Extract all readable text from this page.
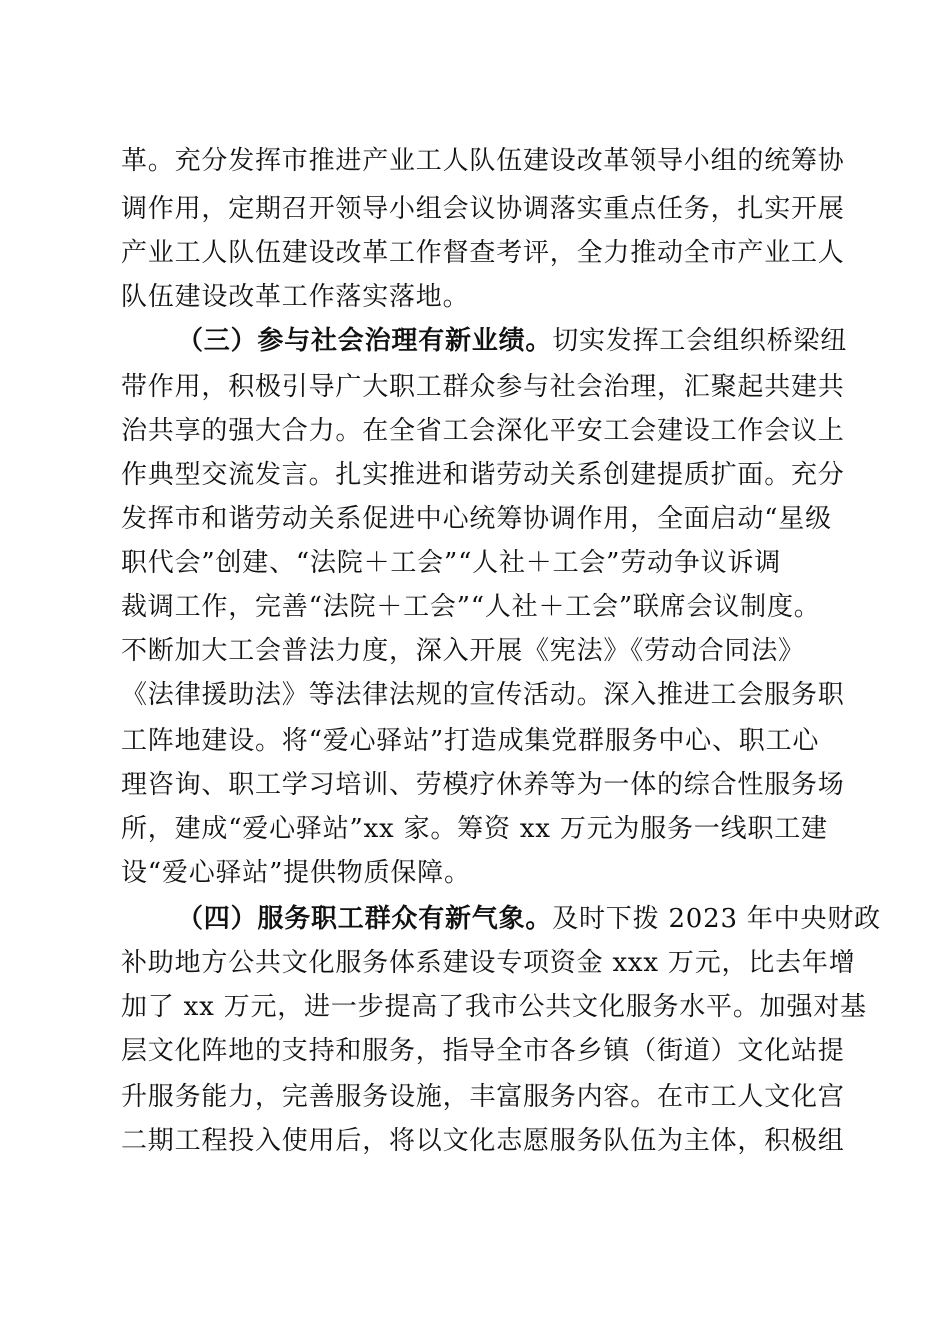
革。充分发挥市推进产业工人队伍建设改革领导小组的统筹协
调作用，定期召开领导小组会议协调落实重点任务，扎实开展
产业工人队伍建设改革工作督查考评，全力推动全市产业工人
队伍建设改革工作落实落地。
（三）参与社会治理有新业绩。切实发挥工会组织桥梁纽
带作用，积极引导广大职工群众参与社会治理，汇聚起共建共
治共享的强大合力。在全省工会深化平安工会建设工作会议上
作典型交流发言。扎实推进和谐劳动关系创建提质扩面。充分
发挥市和谐劳动关系促进中心统筹协调作用，全面启动“星级
职代会”创建、“法院＋工会”“人社＋工会”劳动争议诉调
裁调工作，完善“法院＋工会”“人社＋工会”联席会议制度。
不断加大工会普法力度，深入开展《宪法》《劳动合同法》
《法律援助法》等法律法规的宣传活动。深入推进工会服务职
工阵地建设。将“爱心驿站”打造成集党群服务中心、职工心
理咨询、职工学习培训、劳模疗休养等为一体的综合性服务场
所，建成“爱心驿站”xx 家。筹资 xx 万元为服务一线职工建
设“爱心驿站”提供物质保障。
（四）服务职工群众有新气象。及时下拨 2023 年中央财政
补助地方公共文化服务体系建设专项资金 xxx 万元，比去年增
加了 xx 万元，进一步提高了我市公共文化服务水平。加强对基
层文化阵地的支持和服务，指导全市各乡镇（街道）文化站提
升服务能力，完善服务设施，丰富服务内容。在市工人文化宫
二期工程投入使用后，将以文化志愿服务队伍为主体，积极组
